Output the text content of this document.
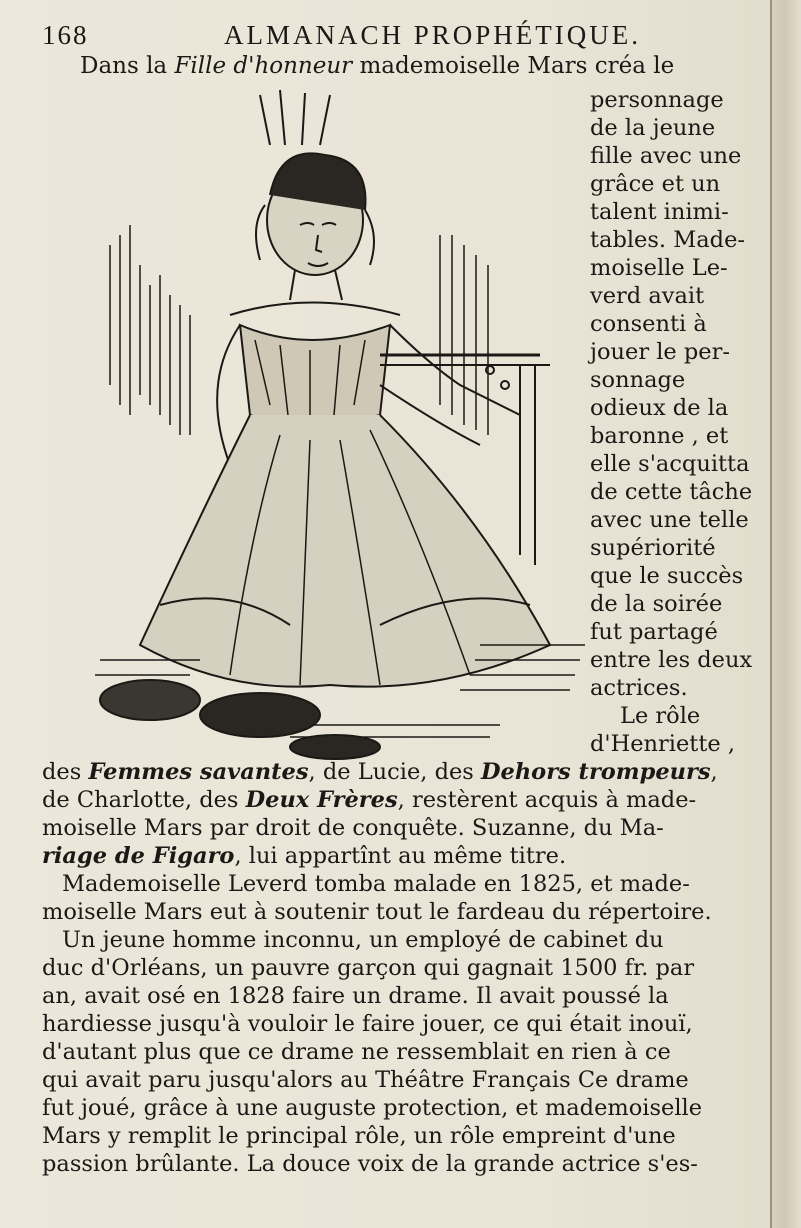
168	ALMANACH PROPHÉTIQUE.
Dans la Fille d'honneur mademoiselle Mars créa le
personnage
de la jeune
fille avec une
grâce et un
talent inimi-
tables. Made-
moiselle Le-
verd avait
consenti à
jouer le per-
sonnage
odieux de la
baronne , et
elle s'acquitta
de cette tâche
avec une telle
supériorité
que le succès
de la soirée
fut partagé
entre les deux
actrices.
Le rôle
d'Henriette ,
des Femmes savantes, de Lucie, des Dehors trompeurs,
de Charlotte, des Deux Frères, restèrent acquis à made-
moiselle Mars par droit de conquête. Suzanne, du Ma-
riage de Figaro, lui appartînt au même titre.
Mademoiselle Leverd tomba malade en 1825, et made-
moiselle Mars eut à soutenir tout le fardeau du répertoire.
Un jeune homme inconnu, un employé de cabinet du
duc d'Orléans, un pauvre garçon qui gagnait 1500 fr. par
an, avait osé en 1828 faire un drame. Il avait poussé la
hardiesse jusqu'à vouloir le faire jouer, ce qui était inouï,
d'autant plus que ce drame ne ressemblait en rien à ce
qui avait paru jusqu'alors au Théâtre Français Ce drame
fut joué, grâce à une auguste protection, et mademoiselle
Mars y remplit le principal rôle, un rôle empreint d'une
passion brûlante. La douce voix de la grande actrice s'es-
